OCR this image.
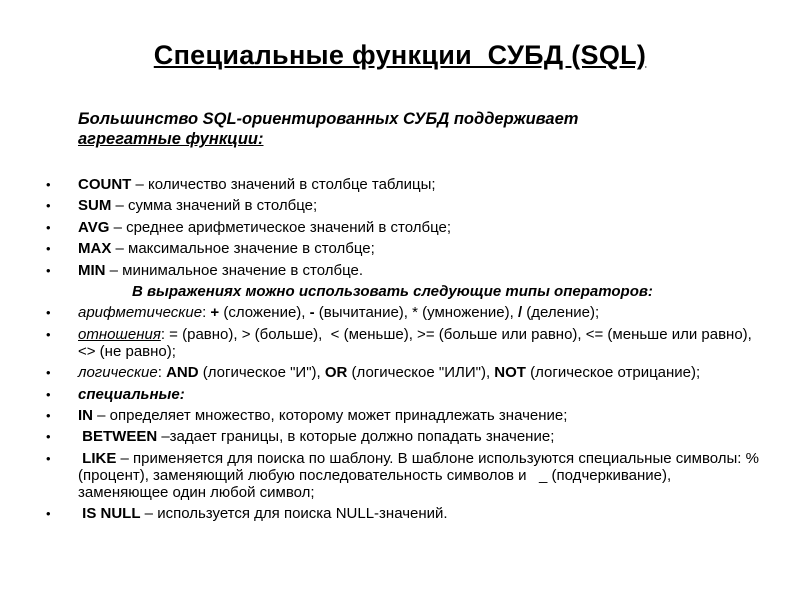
Специальные функции  СУБД (SQL)
Большинство SQL-ориентированных СУБД поддерживает
агрегатные функции:
• COUNT – количество значений в столбце таблицы;
• SUM – сумма значений в столбце;
• AVG – среднее арифметическое значений в столбце;
• MAX – максимальное значение в столбце;
• MIN – минимальное значение в столбце.
В выражениях можно использовать следующие типы операторов:
• арифметические: + (сложение), - (вычитание), * (умножение), / (деление);
• отношения: = (равно), > (больше),  < (меньше), >= (больше или равно), <= (меньше или равно),  <> (не равно);
• логические: AND (логическое "И"), OR (логическое "ИЛИ"), NOT (логическое отрицание);
• специальные:
• IN – определяет множество, которому может принадлежать значение;
•  BETWEEN –задает границы, в которые должно попадать значение;
•  LIKE – применяется для поиска по шаблону. В шаблоне используются специальные символы: % (процент), заменяющий любую последовательность символов и   _ (подчеркивание), заменяющее один любой символ;
•  IS NULL – используется для поиска NULL-значений.
